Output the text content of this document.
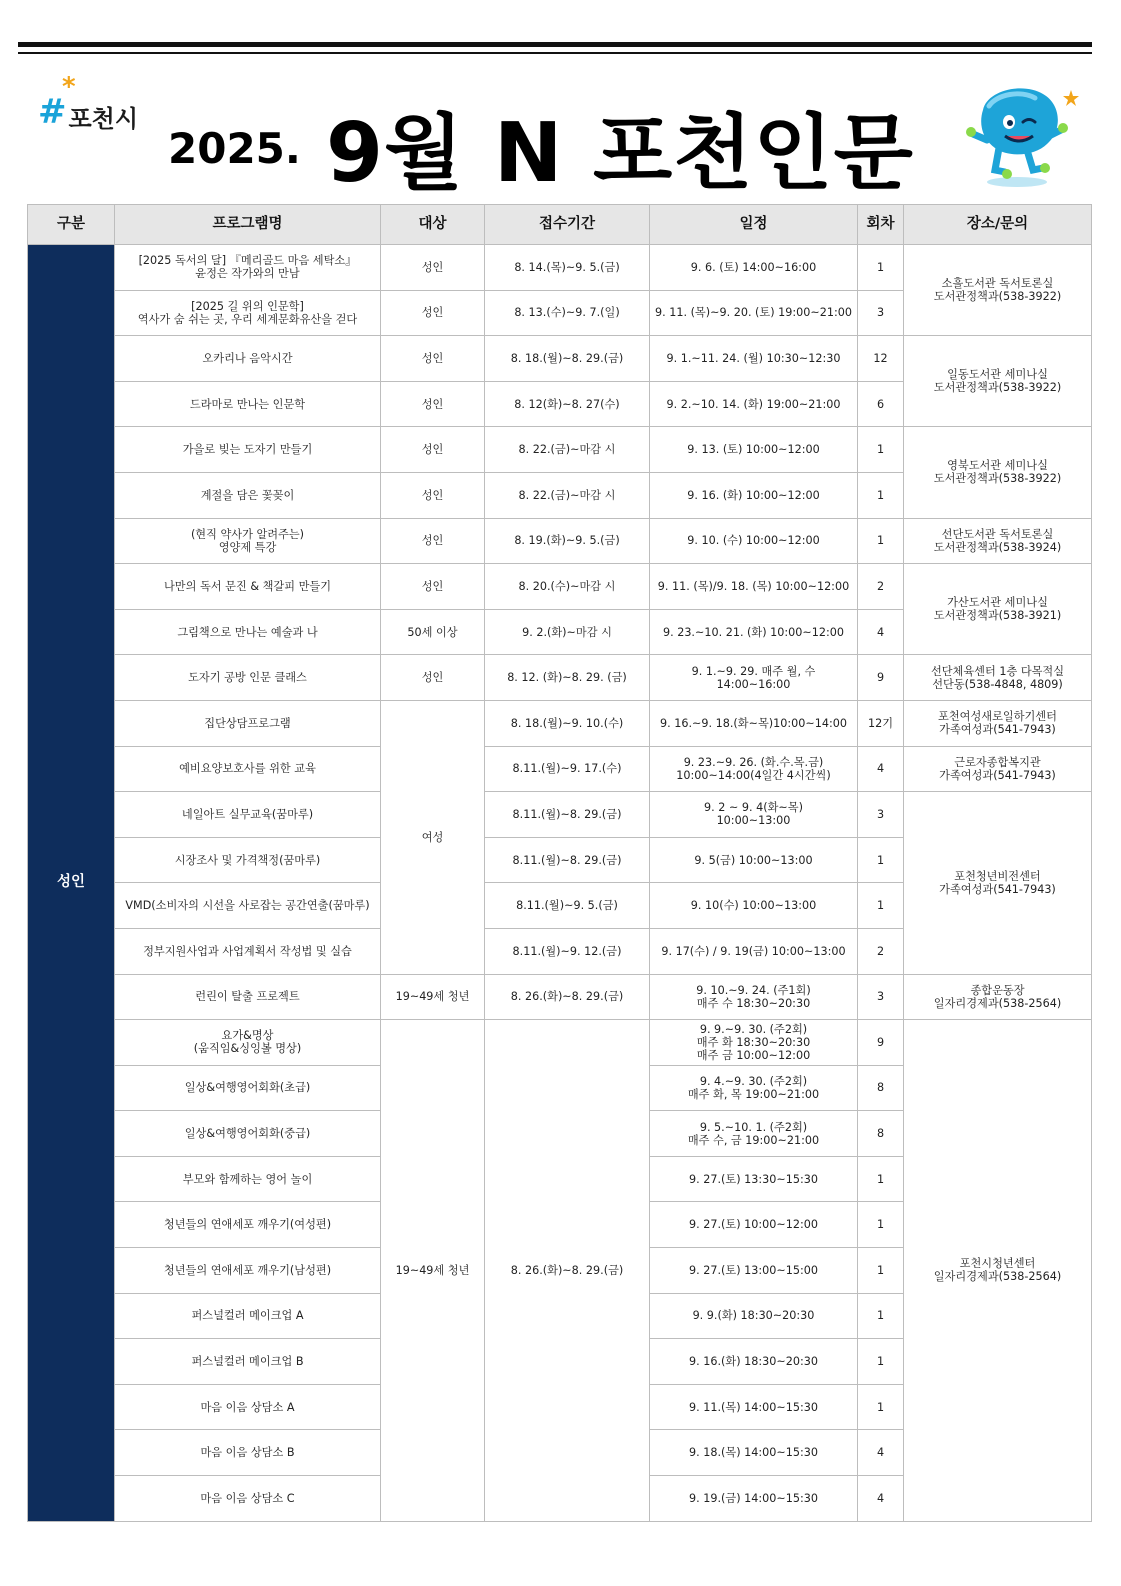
#
*
포천시
2025. 9월 N 포천인문
구분	프로그램명	대상	접수기간	일정	회차	장소/문의
성인	[2025 독서의 달] 『메리골드 마음 세탁소』
윤정은 작가와의 만남	성인	8. 14.(목)~9. 5.(금)	9. 6. (토) 14:00~16:00	1	소흘도서관 독서토론실
도서관정책과(538-3922)
	[2025 길 위의 인문학]
역사가 숨 쉬는 곳, 우리 세계문화유산을 걷다	성인	8. 13.(수)~9. 7.(일)	9. 11. (목)~9. 20. (토) 19:00~21:00	3	
	오카리나 음악시간	성인	8. 18.(월)~8. 29.(금)	9. 1.~11. 24. (월) 10:30~12:30	12	일동도서관 세미나실
도서관정책과(538-3922)
	드라마로 만나는 인문학	성인	8. 12(화)~8. 27(수)	9. 2.~10. 14. (화) 19:00~21:00	6	
	가을로 빚는 도자기 만들기	성인	8. 22.(금)~마감 시	9. 13. (토) 10:00~12:00	1	영북도서관 세미나실
도서관정책과(538-3922)
	계절을 담은 꽃꽂이	성인	8. 22.(금)~마감 시	9. 16. (화) 10:00~12:00	1	
	(현직 약사가 알려주는)
영양제 특강	성인	8. 19.(화)~9. 5.(금)	9. 10. (수) 10:00~12:00	1	선단도서관 독서토론실
도서관정책과(538-3924)
	나만의 독서 문진 & 책갈피 만들기	성인	8. 20.(수)~마감 시	9. 11. (목)/9. 18. (목) 10:00~12:00	2	가산도서관 세미나실
도서관정책과(538-3921)
	그림책으로 만나는 예술과 나	50세 이상	9. 2.(화)~마감 시	9. 23.~10. 21. (화) 10:00~12:00	4	
	도자기 공방 인문 클래스	성인	8. 12. (화)~8. 29. (금)	9. 1.~9. 29. 매주 월, 수
14:00~16:00	9	선단체육센터 1층 다목적실
선단동(538-4848, 4809)
	집단상담프로그램	여성	8. 18.(월)~9. 10.(수)	9. 16.~9. 18.(화~목)10:00~14:00	12기	포천여성새로일하기센터
가족여성과(541-7943)
	예비요양보호사를 위한 교육		8.11.(월)~9. 17.(수)	9. 23.~9. 26. (화.수.목.금)
10:00~14:00(4일간 4시간씩)	4	근로자종합복지관
가족여성과(541-7943)
	네일아트 실무교육(꿈마루)		8.11.(월)~8. 29.(금)	9. 2 ~ 9. 4(화~목)
10:00~13:00	3	포천청년비전센터
가족여성과(541-7943)
	시장조사 및 가격책정(꿈마루)		8.11.(월)~8. 29.(금)	9. 5(금) 10:00~13:00	1	
	VMD(소비자의 시선을 사로잡는 공간연출(꿈마루)		8.11.(월)~9. 5.(금)	9. 10(수) 10:00~13:00	1	
	정부지원사업과 사업계획서 작성법 및 실습		8.11.(월)~9. 12.(금)	9. 17(수) / 9. 19(금) 10:00~13:00	2	
	런린이 탈출 프로젝트	19~49세 청년	8. 26.(화)~8. 29.(금)	9. 10.~9. 24. (주1회)
매주 수 18:30~20:30	3	종합운동장
일자리경제과(538-2564)
	요가&명상
(움직임&싱잉볼 명상)	19~49세 청년	8. 26.(화)~8. 29.(금)	9. 9.~9. 30. (주2회)
매주 화 18:30~20:30
매주 금 10:00~12:00	9	포천시청년센터
일자리경제과(538-2564)
	일상&여행영어회화(초급)			9. 4.~9. 30. (주2회)
매주 화, 목 19:00~21:00	8	
	일상&여행영어회화(중급)			9. 5.~10. 1. (주2회)
매주 수, 금 19:00~21:00	8	
	부모와 함께하는 영어 놀이			9. 27.(토) 13:30~15:30	1	
	청년들의 연애세포 깨우기(여성편)			9. 27.(토) 10:00~12:00	1	
	청년들의 연애세포 깨우기(남성편)			9. 27.(토) 13:00~15:00	1	
	퍼스널컬러 메이크업 A			9. 9.(화) 18:30~20:30	1	
	퍼스널컬러 메이크업 B			9. 16.(화) 18:30~20:30	1	
	마음 이음 상담소 A			9. 11.(목) 14:00~15:30	1	
	마음 이음 상담소 B			9. 18.(목) 14:00~15:30	4	
	마음 이음 상담소 C			9. 19.(금) 14:00~15:30	4	
